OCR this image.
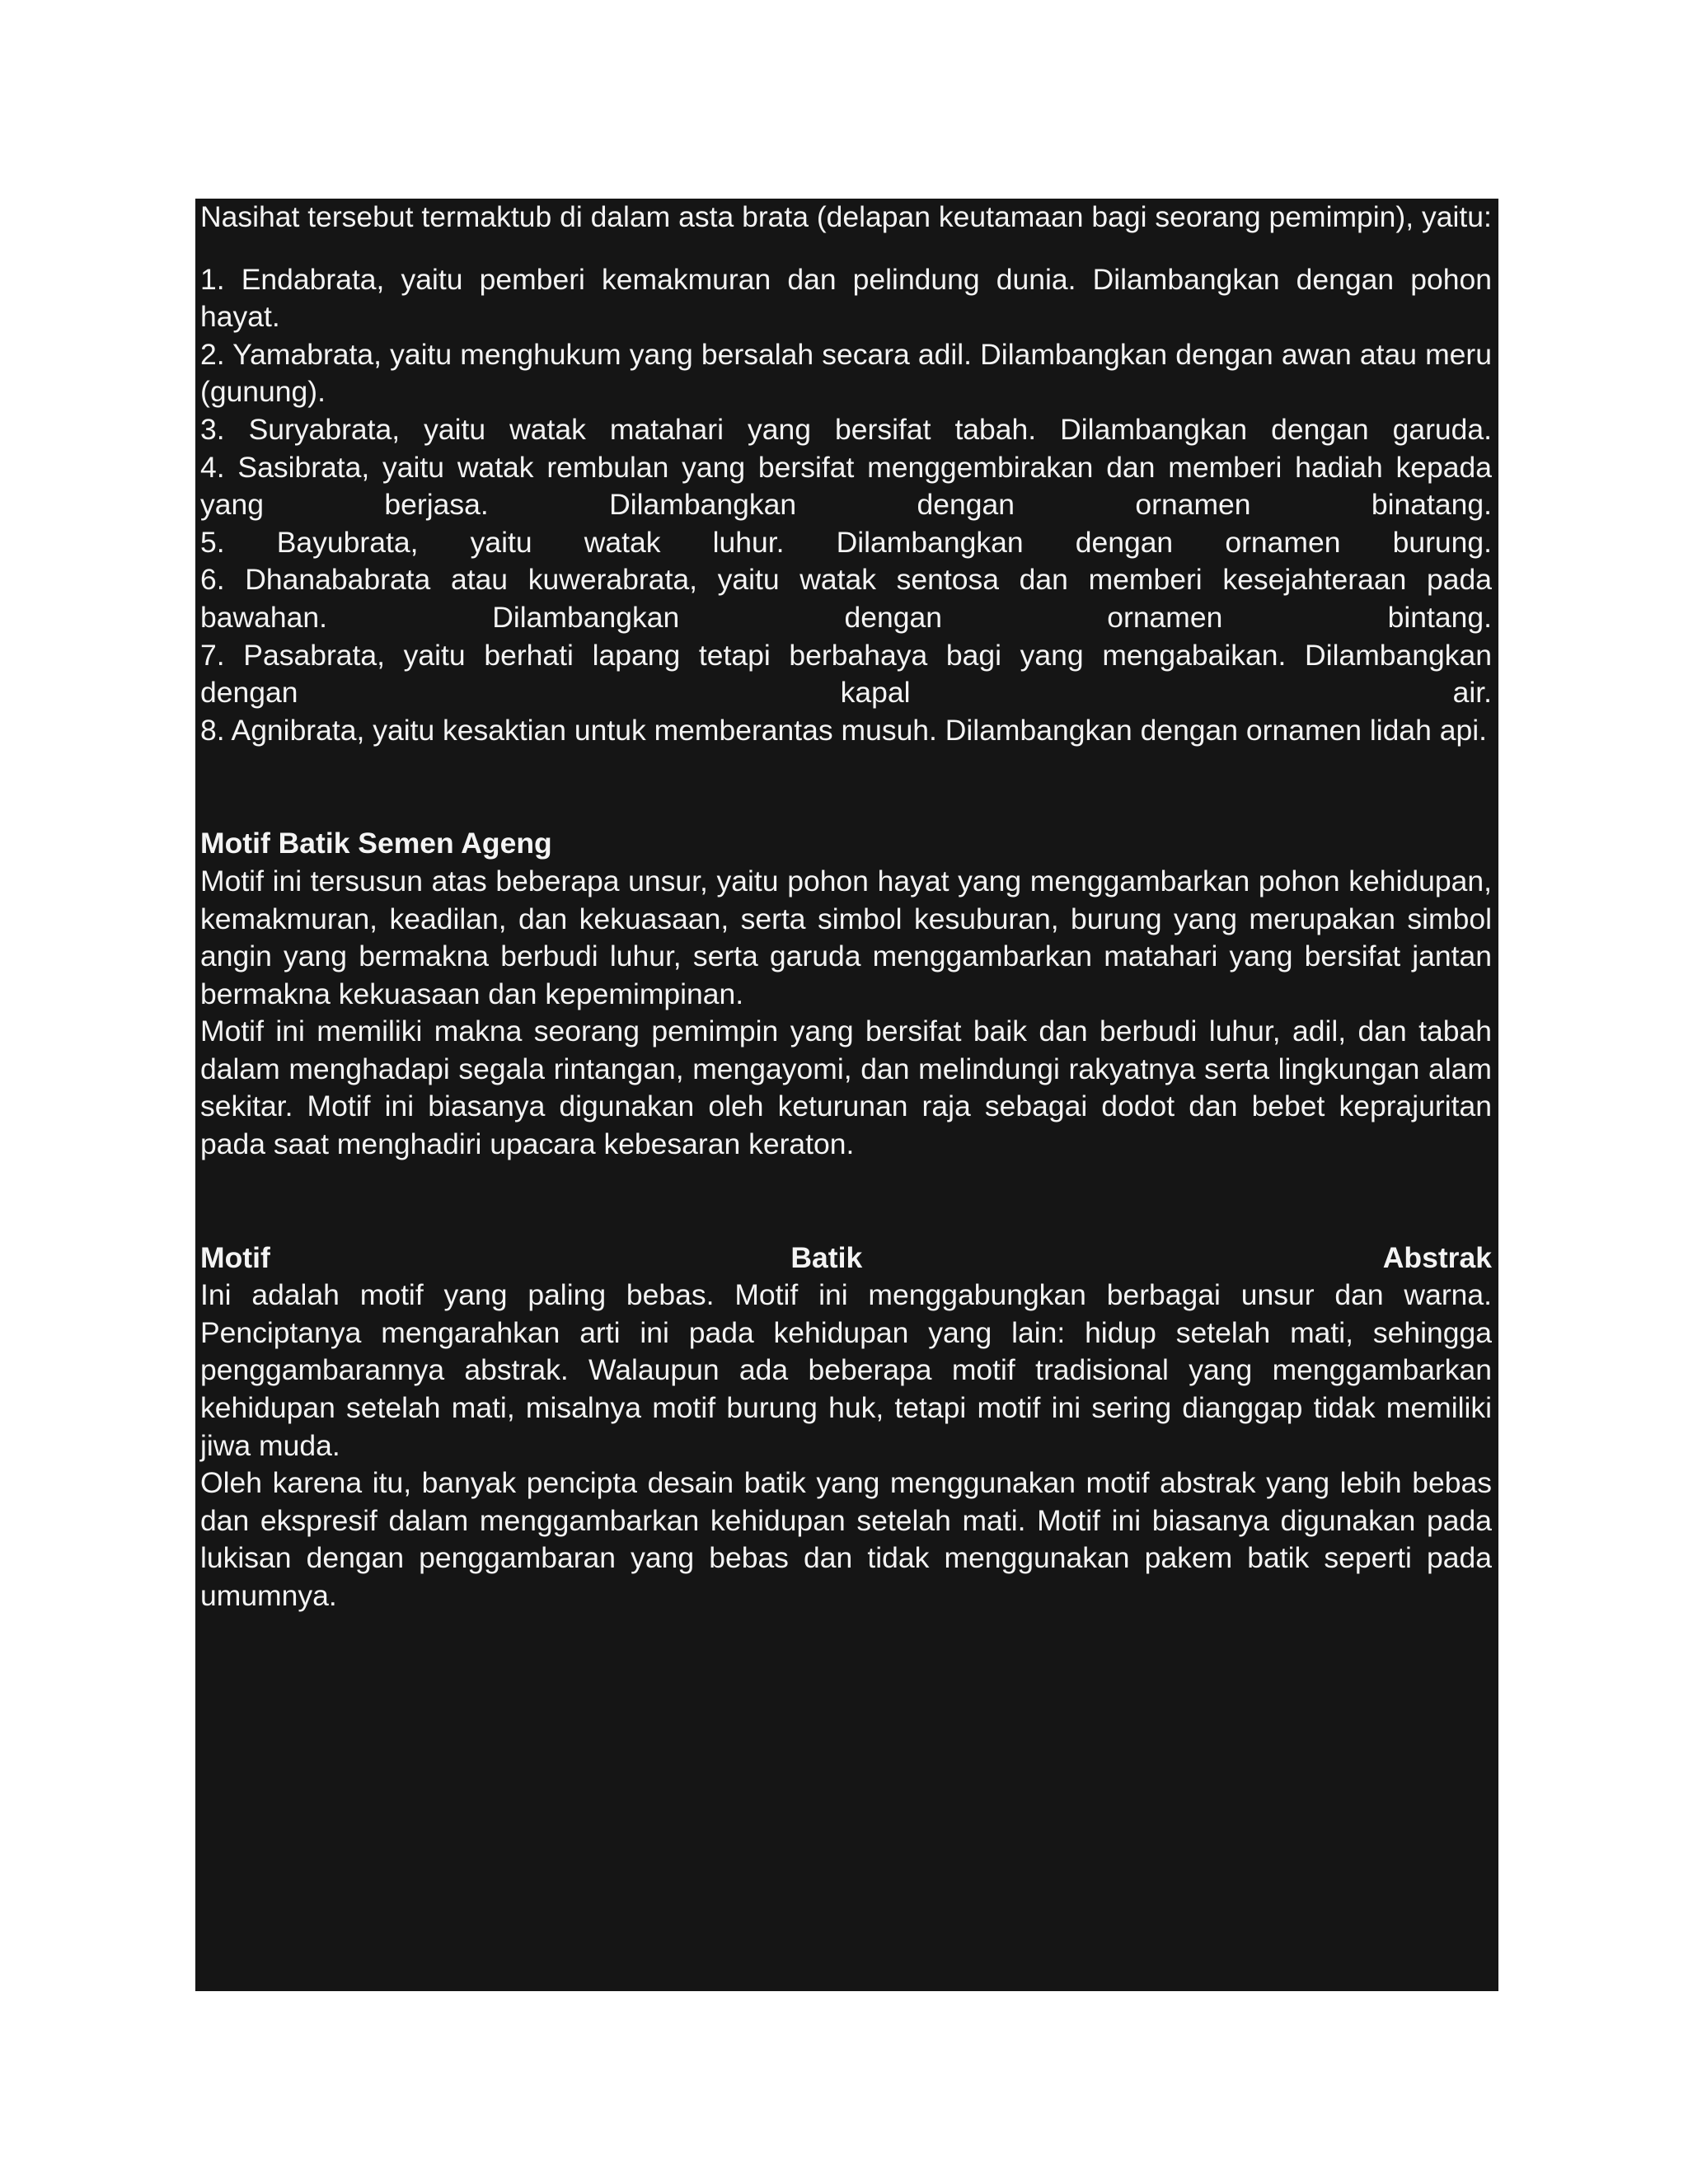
Nasihat tersebut termaktub di dalam asta brata (delapan keutamaan bagi seorang pemimpin), yaitu:

1. Endabrata, yaitu pemberi kemakmuran dan pelindung dunia. Dilambangkan dengan pohon hayat.

2. Yamabrata, yaitu menghukum yang bersalah secara adil. Dilambangkan dengan awan atau meru (gunung).

3. Suryabrata, yaitu watak matahari yang bersifat tabah. Dilambangkan dengan garuda.

4. Sasibrata, yaitu watak rembulan yang bersifat menggembirakan dan memberi hadiah kepada yang berjasa. Dilambangkan dengan ornamen binatang.

5. Bayubrata, yaitu watak luhur. Dilambangkan dengan ornamen burung.

6. Dhanababrata atau kuwerabrata, yaitu watak sentosa dan memberi kesejahteraan pada bawahan. Dilambangkan dengan ornamen bintang.

7. Pasabrata, yaitu berhati lapang tetapi berbahaya bagi yang mengabaikan. Dilambangkan dengan kapal air.

8. Agnibrata, yaitu kesaktian untuk memberantas musuh. Dilambangkan dengan ornamen lidah api.

Motif Batik Semen Ageng

Motif ini tersusun atas beberapa unsur, yaitu pohon hayat yang menggambarkan pohon kehidupan, kemakmuran, keadilan, dan kekuasaan, serta simbol kesuburan, burung yang merupakan simbol angin yang bermakna berbudi luhur, serta garuda menggambarkan matahari yang bersifat jantan bermakna kekuasaan dan kepemimpinan.

Motif ini memiliki makna seorang pemimpin yang bersifat baik dan berbudi luhur, adil, dan tabah dalam menghadapi segala rintangan, mengayomi, dan melindungi rakyatnya serta lingkungan alam sekitar. Motif ini biasanya digunakan oleh keturunan raja sebagai dodot dan bebet keprajuritan pada saat menghadiri upacara kebesaran keraton.

Motif	Batik	Abstrak

Ini adalah motif yang paling bebas. Motif ini menggabungkan berbagai unsur dan warna. Penciptanya mengarahkan arti ini pada kehidupan yang lain: hidup setelah mati, sehingga penggambarannya abstrak. Walaupun ada beberapa motif tradisional yang menggambarkan kehidupan setelah mati, misalnya motif burung huk, tetapi motif ini sering dianggap tidak memiliki jiwa muda.

Oleh karena itu, banyak pencipta desain batik yang menggunakan motif abstrak yang lebih bebas dan ekspresif dalam menggambarkan kehidupan setelah mati. Motif ini biasanya digunakan pada lukisan dengan penggambaran yang bebas dan tidak menggunakan pakem batik seperti pada umumnya.
